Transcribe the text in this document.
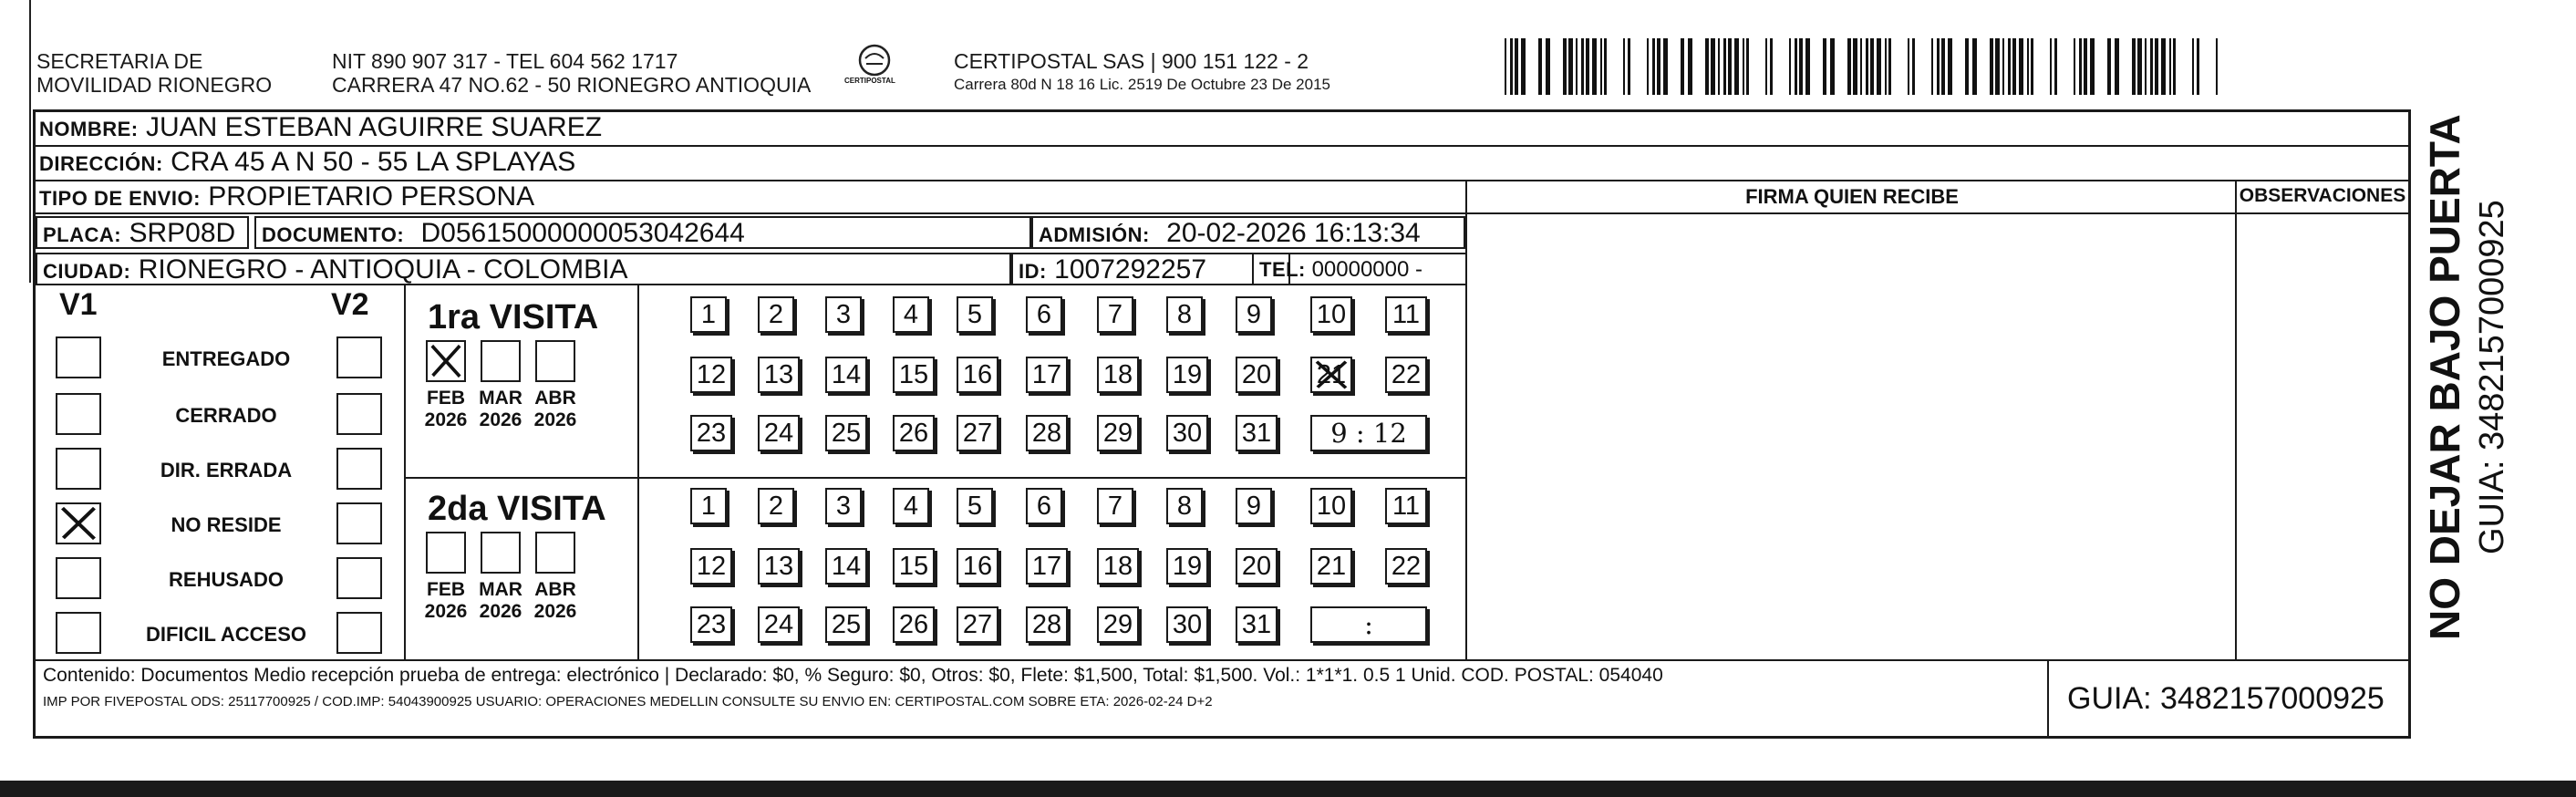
SECRETARIA DE
MOVILIDAD RIONEGRO
NIT 890 907 317 - TEL 604 562 1717
CARRERA 47 NO.62 - 50 RIONEGRO ANTIOQUIA	CERTIPOSTAL
CERTIPOSTAL SAS | 900 151 122 - 2
Carrera 80d N 18 16 Lic. 2519 De Octubre 23 De 2015
NOMBRE: JUAN ESTEBAN AGUIRRE SUAREZ
DIRECCIÓN: CRA 45 A N 50 - 55 LA SPLAYAS
TIPO DE ENVIO: PROPIETARIO PERSONA	FIRMA QUIEN RECIBE	OBSERVACIONES
PLACA: SRP08D	DOCUMENTO: D05615000000053042644	ADMISIÓN: 20-02-2026 16:13:34
CIUDAD: RIONEGRO - ANTIOQUIA - COLOMBIA	ID: 1007292257	TEL: 00000000 -
V1	V2
ENTREGADO
CERRADO
DIR. ERRADA
NO RESIDE
REHUSADO
DIFICIL ACCESO
1ra VISITA
FEB
2026
MAR
2026
ABR
2026
1	2	3	4	5	6	7	8	9	10 11
12 13 14 15 16 17 18 19 20 21 22
23 24 25 26 27 28 29 30 31	9 : 12
2da VISITA
FEB
2026
MAR
2026
ABR
2026
1	2	3	4	5	6	7	8	9	10 11
12 13 14 15 16 17 18 19 20 21 22
23 24 25 26 27 28 29 30 31	:
Contenido: Documentos Medio recepción prueba de entrega: electrónico | Declarado: $0, % Seguro: $0, Otros: $0, Flete: $1,500, Total: $1,500. Vol.: 1*1*1. 0.5 1 Unid. COD. POSTAL: 054040
IMP POR FIVEPOSTAL ODS: 25117700925 / COD.IMP: 54043900925 USUARIO: OPERACIONES MEDELLIN CONSULTE SU ENVIO EN: CERTIPOSTAL.COM SOBRE ETA: 2026-02-24 D+2	GUIA: 3482157000925
NO DEJAR BAJO PUERTA GUIA: 3482157000925
